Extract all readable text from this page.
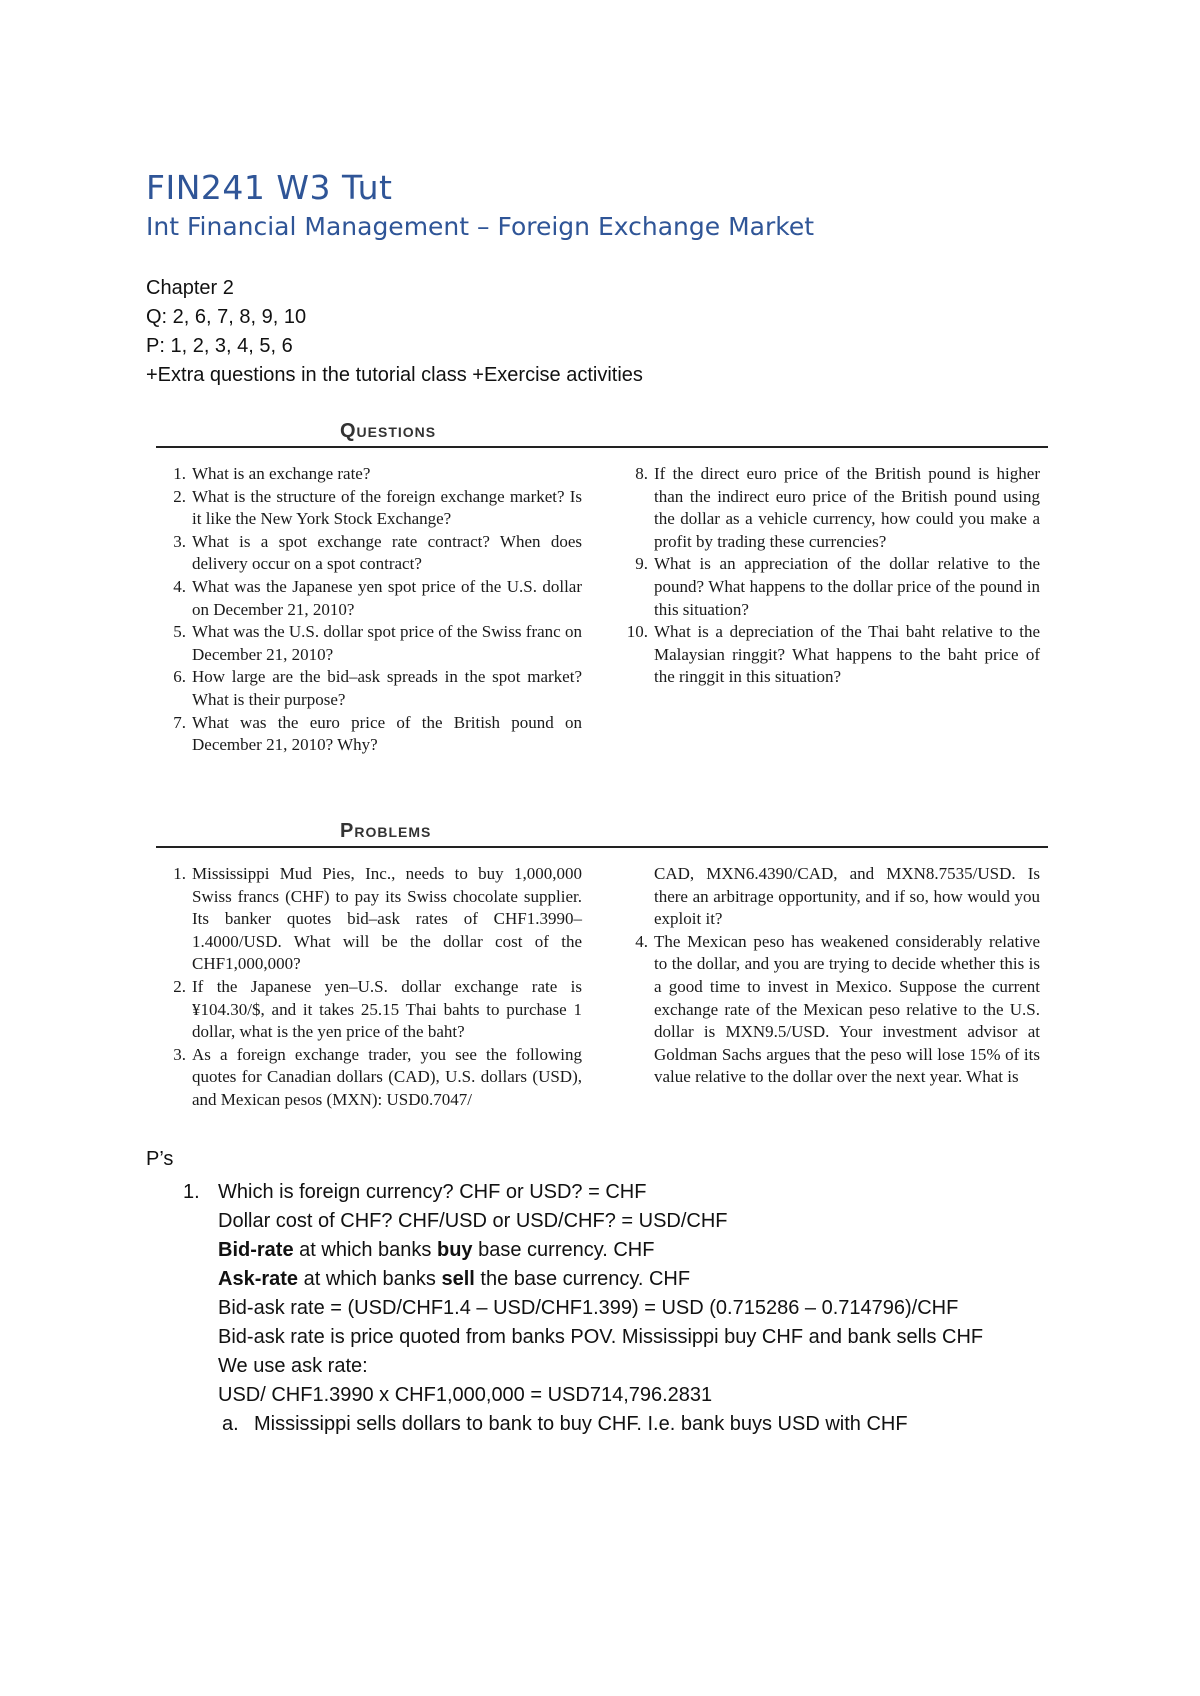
FIN241 W3 Tut
Int Financial Management – Foreign Exchange Market
Chapter 2
Q: 2, 6, 7, 8, 9, 10
P: 1, 2, 3, 4, 5, 6
+Extra questions in the tutorial class +Exercise activities
Questions
1. What is an exchange rate?
2. What is the structure of the foreign exchange market? Is it like the New York Stock Exchange?
3. What is a spot exchange rate contract? When does delivery occur on a spot contract?
4. What was the Japanese yen spot price of the U.S. dollar on December 21, 2010?
5. What was the U.S. dollar spot price of the Swiss franc on December 21, 2010?
6. How large are the bid–ask spreads in the spot market? What is their purpose?
7. What was the euro price of the British pound on December 21, 2010? Why?
8. If the direct euro price of the British pound is higher than the indirect euro price of the British pound using the dollar as a vehicle currency, how could you make a profit by trading these currencies?
9. What is an appreciation of the dollar relative to the pound? What happens to the dollar price of the pound in this situation?
10. What is a depreciation of the Thai baht relative to the Malaysian ringgit? What happens to the baht price of the ringgit in this situation?
Problems
1. Mississippi Mud Pies, Inc., needs to buy 1,000,000 Swiss francs (CHF) to pay its Swiss chocolate supplier. Its banker quotes bid–ask rates of CHF1.3990–1.4000/USD. What will be the dollar cost of the CHF1,000,000?
2. If the Japanese yen–U.S. dollar exchange rate is ¥104.30/$, and it takes 25.15 Thai bahts to purchase 1 dollar, what is the yen price of the baht?
3. As a foreign exchange trader, you see the following quotes for Canadian dollars (CAD), U.S. dollars (USD), and Mexican pesos (MXN): USD0.7047/
CAD, MXN6.4390/CAD, and MXN8.7535/USD. Is there an arbitrage opportunity, and if so, how would you exploit it?
4. The Mexican peso has weakened considerably relative to the dollar, and you are trying to decide whether this is a good time to invest in Mexico. Suppose the current exchange rate of the Mexican peso relative to the U.S. dollar is MXN9.5/USD. Your investment advisor at Goldman Sachs argues that the peso will lose 15% of its value relative to the dollar over the next year. What is
P’s
1. Which is foreign currency? CHF or USD? = CHF
Dollar cost of CHF? CHF/USD or USD/CHF? = USD/CHF
Bid-rate at which banks buy base currency. CHF
Ask-rate at which banks sell the base currency. CHF
Bid-ask rate = (USD/CHF1.4 – USD/CHF1.399) = USD (0.715286 – 0.714796)/CHF
Bid-ask rate is price quoted from banks POV. Mississippi buy CHF and bank sells CHF
We use ask rate:
USD/ CHF1.3990 x CHF1,000,000 = USD714,796.2831
a. Mississippi sells dollars to bank to buy CHF. I.e. bank buys USD with CHF
